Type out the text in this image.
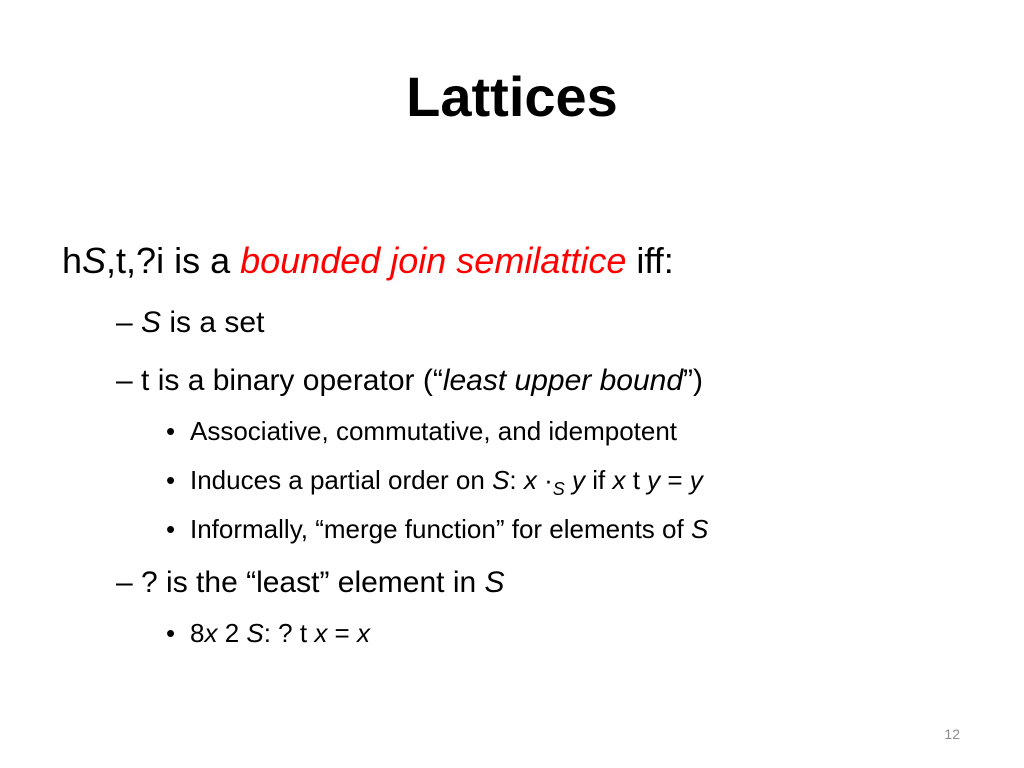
Lattices
hS,t,?i is a bounded join semilattice iff:
– S is a set
– t is a binary operator (“least upper bound”)
• Associative, commutative, and idempotent
• Induces a partial order on S: $x \cdot_S$ y if x t y = y
• Informally, “merge function” for elements of S
– ? is the “least” element in S
• 8x 2 S: ? t x = x
12
